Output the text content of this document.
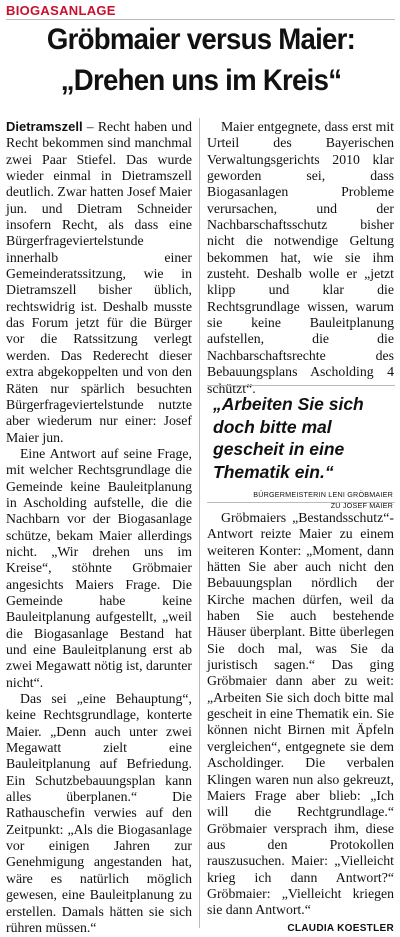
BIOGASANLAGE
Gröbmaier versus Maier:
„Drehen uns im Kreis“

Dietramszell – Recht haben und Recht bekommen sind manchmal zwei Paar Stiefel. Das wurde wieder einmal in Dietramszell deutlich. Zwar hatten Josef Maier jun. und Dietram Schneider insofern Recht, als dass eine Bürgerfrageviertelstunde innerhalb einer Gemeinderatssitzung, wie in Dietramszell bisher üblich, rechtswidrig ist. Deshalb musste das Forum jetzt für die Bürger vor die Ratssitzung verlegt werden. Das Rederecht dieser extra abgekoppelten und von den Räten nur spärlich besuchten Bürgerfrageviertelstunde nutzte aber wiederum nur einer: Josef Maier jun.

Eine Antwort auf seine Frage, mit welcher Rechtsgrundlage die Gemeinde keine Bauleitplanung in Ascholding aufstelle, die die Nachbarn vor der Biogasanlage schütze, bekam Maier allerdings nicht. „Wir drehen uns im Kreise“, stöhnte Gröbmaier angesichts Maiers Frage. Die Gemeinde habe keine Bauleitplanung aufgestellt, „weil die Biogasanlage Bestand hat und eine Bauleitplanung erst ab zwei Megawatt nötig ist, darunter nicht“.

Das sei „eine Behauptung“, keine Rechtsgrundlage, konterte Maier. „Denn auch unter zwei Megawatt zielt eine Bauleitplanung auf Befriedung. Ein Schutzbebauungsplan kann alles überplanen.“ Die Rathauschefin verwies auf den Zeitpunkt: „Als die Biogasanlage vor einigen Jahren zur Genehmigung angestanden hat, wäre es natürlich möglich gewesen, eine Bauleitplanung zu erstellen. Damals hätten sie sich rühren müssen.“

Maier entgegnete, dass erst mit Urteil des Bayerischen Verwaltungsgerichts 2010 klar geworden sei, dass Biogasanlagen Probleme verursachen, und der Nachbarschaftsschutz bisher nicht die notwendige Geltung bekommen hat, wie sie ihm zusteht. Deshalb wolle er „jetzt klipp und klar die Rechtsgrundlage wissen, warum sie keine Bauleitplanung aufstellen, die die Nachbarschaftsrechte des Bebauungsplans Ascholding 4 schützt“.

„Arbeiten Sie sich doch bitte mal gescheit in eine Thematik ein.“
BÜRGERMEISTERIN LENI GRÖBMAIER
ZU JOSEF MAIER

Gröbmaiers „Bestandsschutz“-Antwort reizte Maier zu einem weiteren Konter: „Moment, dann hätten Sie aber auch nicht den Bebauungsplan nördlich der Kirche machen dürfen, weil da haben Sie auch bestehende Häuser überplant. Bitte überlegen Sie doch mal, was Sie da juristisch sagen.“ Das ging Gröbmaier dann aber zu weit: „Arbeiten Sie sich doch bitte mal gescheit in eine Thematik ein. Sie können nicht Birnen mit Äpfeln vergleichen“, entgegnete sie dem Ascholdinger. Die verbalen Klingen waren nun also gekreuzt, Maiers Frage aber blieb: „Ich will die Rechtgrundlage.“ Gröbmaier versprach ihm, diese aus den Protokollen rauszusuchen. Maier: „Vielleicht krieg ich dann Antwort?“ Gröbmaier: „Vielleicht kriegen sie dann Antwort.“
CLAUDIA KOESTLER
